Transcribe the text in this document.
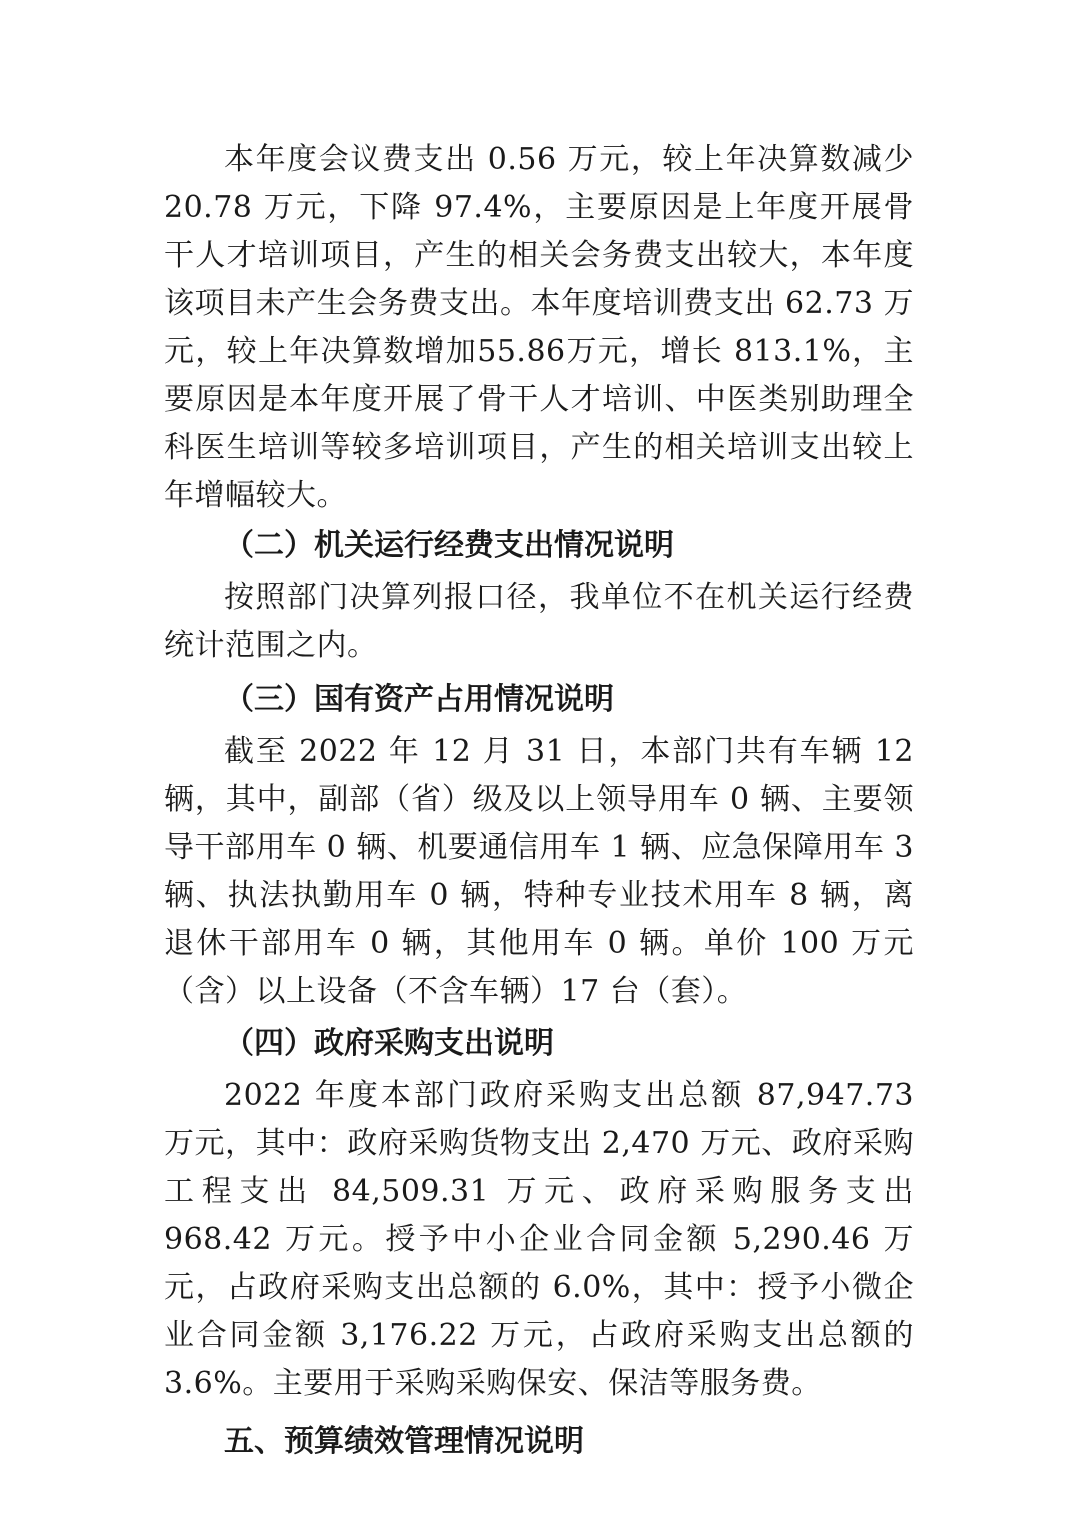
本年度会议费支出 0.56 万元，较上年决算数减少 20.78 万元，下降 97.4%，主要原因是上年度开展骨干人才培训项目，产生的相关会务费支出较大，本年度该项目未产生会务费支出。本年度培训费支出 62.73 万元，较上年决算数增加55.86万元，增长 813.1%，主要原因是本年度开展了骨干人才培训、中医类别助理全科医生培训等较多培训项目，产生的相关培训支出较上年增幅较大。

（二）机关运行经费支出情况说明

按照部门决算列报口径，我单位不在机关运行经费统计范围之内。

（三）国有资产占用情况说明

截至 2022 年 12 月 31 日，本部门共有车辆 12 辆，其中，副部（省）级及以上领导用车 0 辆、主要领导干部用车 0 辆、机要通信用车 1 辆、应急保障用车 3 辆、执法执勤用车 0 辆，特种专业技术用车 8 辆，离退休干部用车 0 辆，其他用车 0 辆。单价 100 万元（含）以上设备（不含车辆）17 台（套）。

（四）政府采购支出说明

2022 年度本部门政府采购支出总额 87,947.73 万元，其中：政府采购货物支出 2,470 万元、政府采购工程支出 84,509.31 万元、政府采购服务支出 968.42 万元。授予中小企业合同金额 5,290.46 万元，占政府采购支出总额的 6.0%，其中：授予小微企业合同金额 3,176.22 万元，占政府采购支出总额的 3.6%。主要用于采购采购保安、保洁等服务费。

五、预算绩效管理情况说明
